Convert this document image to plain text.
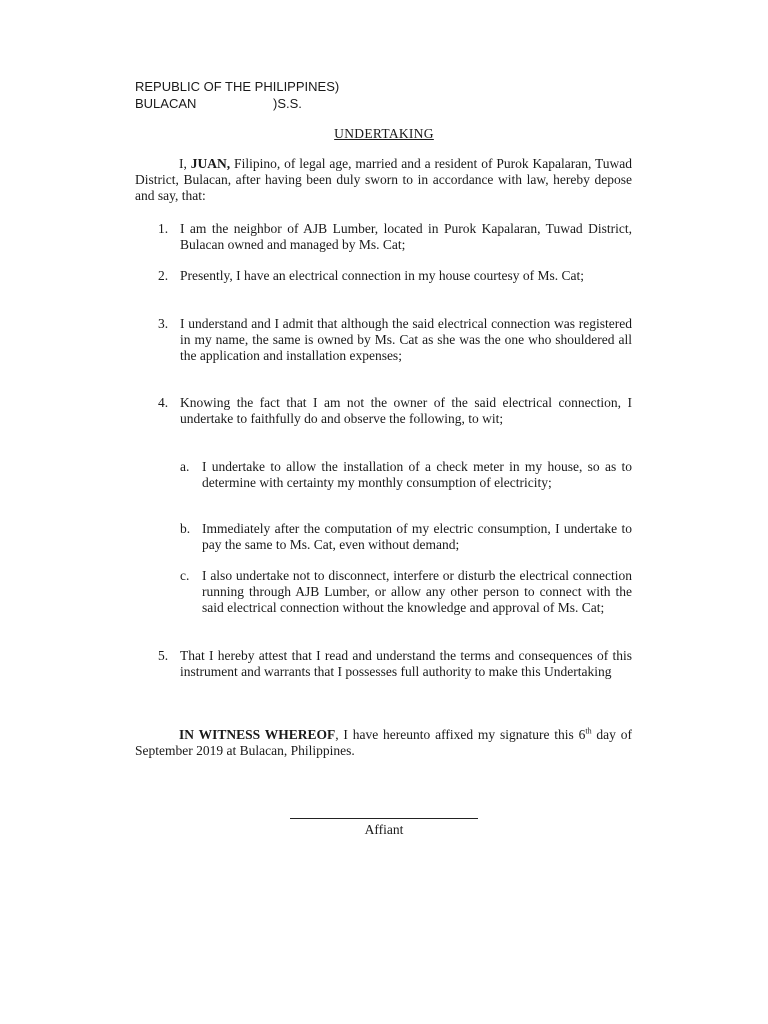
REPUBLIC OF THE PHILIPPINES)
BULACAN	)S.S.
UNDERTAKING
I, JUAN, Filipino, of legal age, married and a resident of Purok Kapalaran, Tuwad District, Bulacan, after having been duly sworn to in accordance with law, hereby depose and say, that:
1. I am the neighbor of AJB Lumber, located in Purok Kapalaran, Tuwad District, Bulacan owned and managed by Ms. Cat;
2. Presently, I have an electrical connection in my house courtesy of Ms. Cat;
3. I understand and I admit that although the said electrical connection was registered in my name, the same is owned by Ms. Cat as she was the one who shouldered all the application and installation expenses;
4. Knowing the fact that I am not the owner of the said electrical connection, I undertake to faithfully do and observe the following, to wit;
a. I undertake to allow the installation of a check meter in my house, so as to determine with certainty my monthly consumption of electricity;
b. Immediately after the computation of my electric consumption, I undertake to pay the same to Ms. Cat, even without demand;
c. I also undertake not to disconnect, interfere or disturb the electrical connection running through AJB Lumber, or allow any other person to connect with the said electrical connection without the knowledge and approval of Ms. Cat;
5. That I hereby attest that I read and understand the terms and consequences of this instrument and warrants that I possesses full authority to make this Undertaking
IN WITNESS WHEREOF, I have hereunto affixed my signature this 6th day of September 2019 at Bulacan, Philippines.
Affiant
